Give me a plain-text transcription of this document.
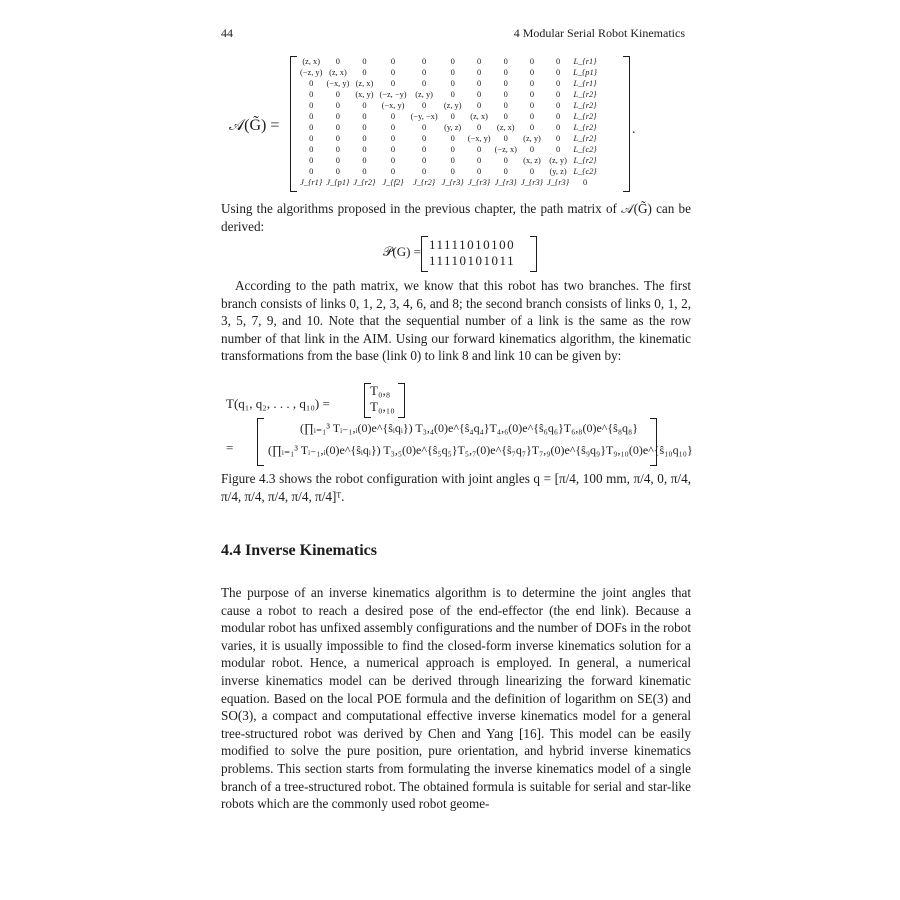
44	4 Modular Serial Robot Kinematics
𝒜(G̃) =
(z, x)	0	0	0	0	0	0	0	0	0	L_{r1}
(−z, y)	(z, x)	0	0	0	0	0	0	0	0	L_{p1}
0	(−x, y)	(z, x)	0	0	0	0	0	0	0	L_{r1}
0	0	(x, y)	(−z, −y)	(z, y)	0	0	0	0	0	L_{r2}
0	0	0	(−x, y)	0	(z, y)	0	0	0	0	L_{r2}
0	0	0	0	(−y, −x)	0	(z, x)	0	0	0	L_{r2}
0	0	0	0	0	(y, z)	0	(z, x)	0	0	L_{r2}
0	0	0	0	0	0	(−x, y)	0	(z, y)	0	L_{r2}
0	0	0	0	0	0	0	(−z, x)	0	0	L_{c2}
0	0	0	0	0	0	0	0	(x, z)	(z, y)	L_{r2}
0	0	0	0	0	0	0	0	0	(y, z)	L_{c2}
J_{r1}	J_{p1}	J_{r2}	J_{f2}	J_{r2}	J_{r3}	J_{r3}	J_{r3}	J_{r3}	J_{r3}	0
.
Using the algorithms proposed in the previous chapter, the path matrix of 𝒜(G̃) can be derived:
𝒫(G) = 11111010100
11110101011
According to the path matrix, we know that this robot has two branches. The first branch consists of links 0, 1, 2, 3, 4, 6, and 8; the second branch consists of links 0, 1, 2, 3, 5, 7, 9, and 10. Note that the sequential number of a link is the same as the row number of that link in the AIM. Using our forward kinematics algorithm, the kinematic transformations from the base (link 0) to link 8 and link 10 can be given by:
T(q₁, q₂, . . . , q₁₀) =
T₀,₈
T₀,₁₀
=
(∏ᵢ₌₁³ Tᵢ₋₁,ᵢ(0)e^{ŝᵢqᵢ}) T₃,₄(0)e^{ŝ₄q₄}T₄,₆(0)e^{ŝ₆q₆}T₆,₈(0)e^{ŝ₈q₈}
(∏ᵢ₌₁³ Tᵢ₋₁,ᵢ(0)e^{ŝᵢqᵢ}) T₃,₅(0)e^{ŝ₅q₅}T₅,₇(0)e^{ŝ₇q₇}T₇,₉(0)e^{ŝ₉q₉}T₉,₁₀(0)e^{ŝ₁₀q₁₀}
Figure 4.3 shows the robot configuration with joint angles q = [π/4, 100 mm, π/4, 0, π/4, π/4, π/4, π/4, π/4, π/4]ᵀ.
4.4 Inverse Kinematics
The purpose of an inverse kinematics algorithm is to determine the joint angles that cause a robot to reach a desired pose of the end-effector (the end link). Because a modular robot has unfixed assembly configurations and the number of DOFs in the robot varies, it is usually impossible to find the closed-form inverse kinematics solution for a modular robot. Hence, a numerical approach is employed. In general, a numerical inverse kinematics model can be derived through linearizing the forward kinematic equation. Based on the local POE formula and the definition of logarithm on SE(3) and SO(3), a compact and computational effective inverse kinematics model for a general tree-structured robot was derived by Chen and Yang [16]. This model can be easily modified to solve the pure position, pure orientation, and hybrid inverse kinematics problems. This section starts from formulating the inverse kinematics model of a single branch of a tree-structured robot. The obtained formula is suitable for serial and star-like robots which are the commonly used robot geome-
